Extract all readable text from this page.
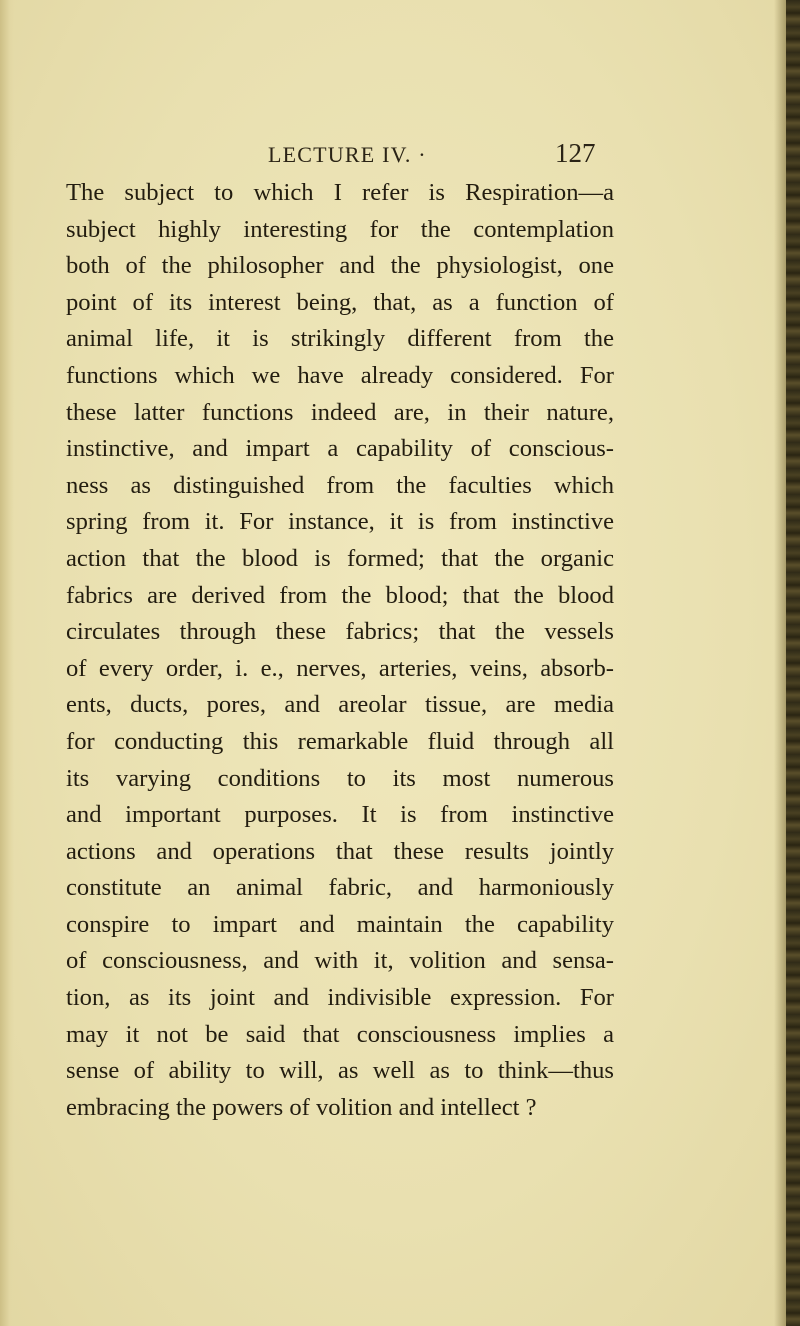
LECTURE IV. ·	127
The subject to which I refer is Respiration—a
subject highly interesting for the contemplation
both of the philosopher and the physiologist, one
point of its interest being, that, as a function of
animal life, it is strikingly different from the
functions which we have already considered. For
these latter functions indeed are, in their nature,
instinctive, and impart a capability of conscious-
ness as distinguished from the faculties which
spring from it. For instance, it is from instinctive
action that the blood is formed; that the organic
fabrics are derived from the blood; that the blood
circulates through these fabrics; that the vessels
of every order, i. e., nerves, arteries, veins, absorb-
ents, ducts, pores, and areolar tissue, are media
for conducting this remarkable fluid through all
its varying conditions to its most numerous
and important purposes. It is from instinctive
actions and operations that these results jointly
constitute an animal fabric, and harmoniously
conspire to impart and maintain the capability
of consciousness, and with it, volition and sensa-
tion, as its joint and indivisible expression. For
may it not be said that consciousness implies a
sense of ability to will, as well as to think—thus
embracing the powers of volition and intellect ?
